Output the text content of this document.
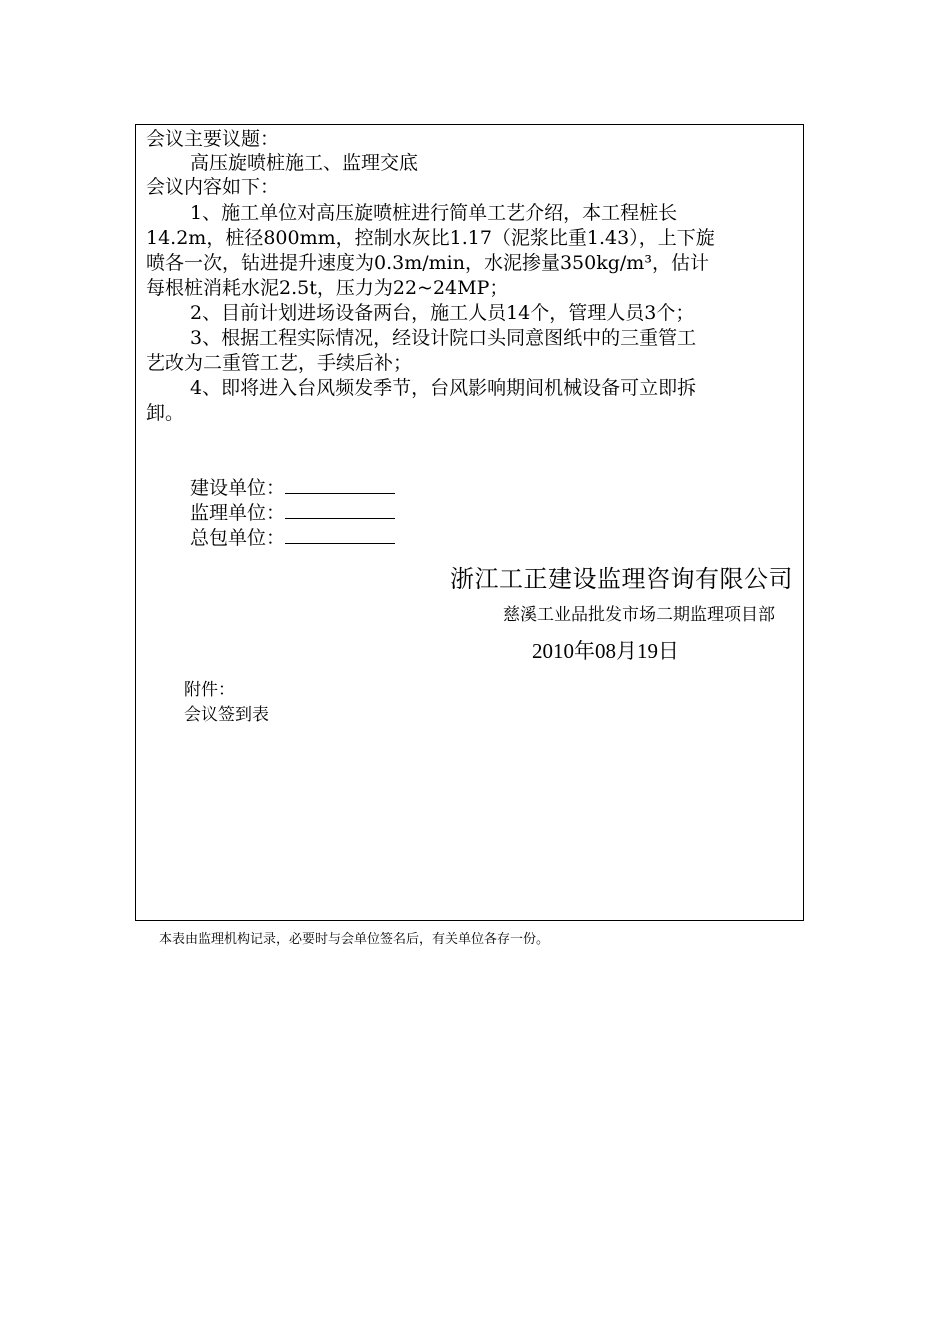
会议主要议题：
高压旋喷桩施工、监理交底
会议内容如下：
1、施工单位对高压旋喷桩进行简单工艺介绍，本工程桩长
14.2m，桩径800mm，控制水灰比1.17（泥浆比重1.43），上下旋
喷各一次，钻进提升速度为0.3m/min，水泥掺量350kg/m³，估计
每根桩消耗水泥2.5t，压力为22~24MP；
2、目前计划进场设备两台，施工人员14个，管理人员3个；
3、根据工程实际情况，经设计院口头同意图纸中的三重管工
艺改为二重管工艺，手续后补；
4、即将进入台风频发季节，台风影响期间机械设备可立即拆
卸。
建设单位：
监理单位：
总包单位：
浙江工正建设监理咨询有限公司
慈溪工业品批发市场二期监理项目部
2010年08月19日
附件：
会议签到表
本表由监理机构记录，必要时与会单位签名后，有关单位各存一份。
